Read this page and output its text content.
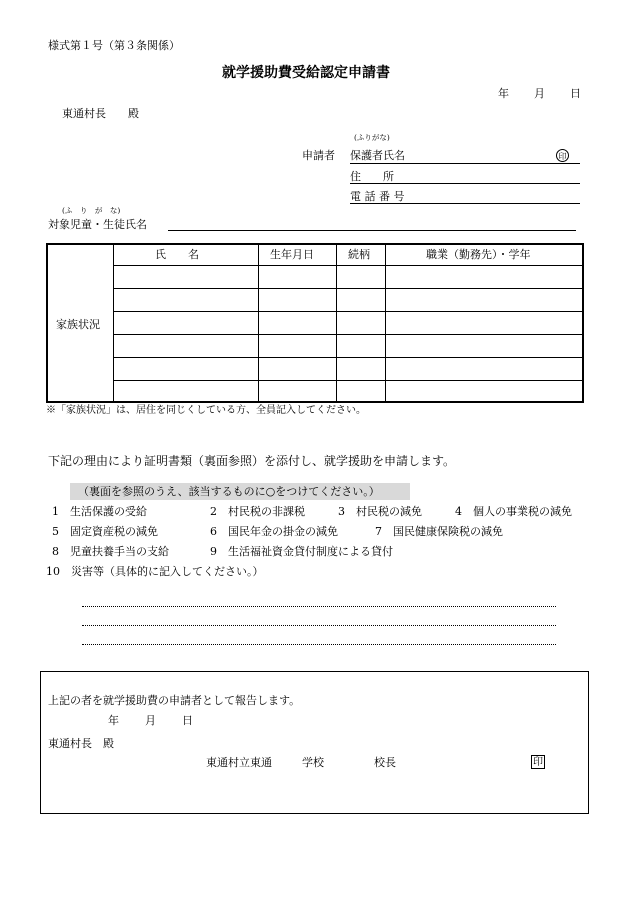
様式第１号（第３条関係）
就学援助費受給認定申請書
年 月 日
東通村長　　殿
(ふりがな)
申請者 保護者氏名	印
住　　所
電 話 番 号
(ふ　り　が　な)
対象児童・生徒氏名
家族状況
氏　　名	生年月日	続柄	職業（勤務先）・学年
※「家族状況」は、居住を同じくしている方、全員記入してください。
下記の理由により証明書類（裏面参照）を添付し、就学援助を申請します。
（裏面を参照のうえ、該当するものに○をつけてください。）
1　生活保護の受給	2　村民税の非課税	3　村民税の減免	4　個人の事業税の減免
5　固定資産税の減免	6　国民年金の掛金の減免	7　国民健康保険税の減免
8　児童扶養手当の支給	9　生活福祉資金貸付制度による貸付
10　災害等（具体的に記入してください。）
上記の者を就学援助費の申請者として報告します。
年 月 日
東通村長　殿
東通村立東通	学校	校長	印
